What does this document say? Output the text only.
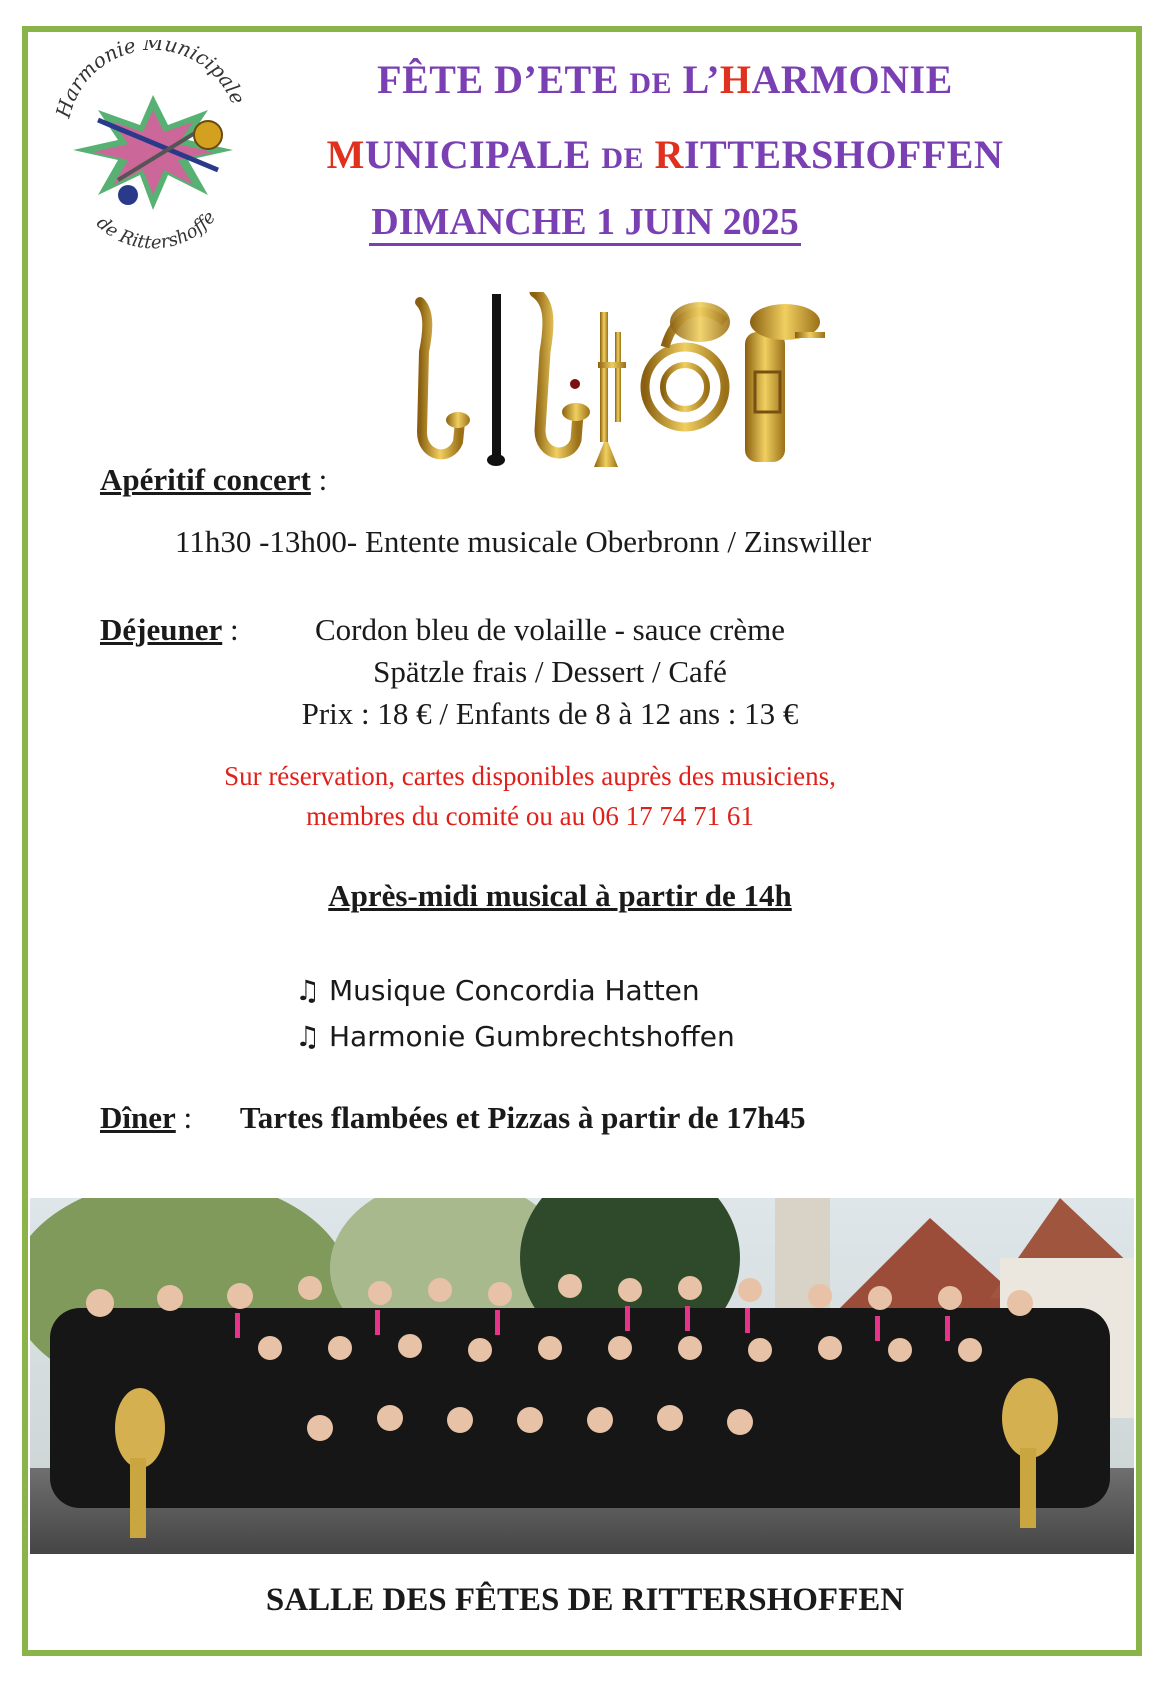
Harmonie Municipale
de Rittershoffen
FÊTE D’ETE DE L’HARMONIE
MUNICIPALE DE RITTERSHOFFEN
DIMANCHE 1 JUIN 2025
Apéritif concert :
11h30 -13h00- Entente musicale Oberbronn / Zinswiller
Déjeuner :	Cordon bleu de volaille - sauce crème
Spätzle frais / Dessert / Café
Prix : 18 € / Enfants de 8 à 12 ans : 13 €
Sur réservation, cartes disponibles auprès des musiciens,
membres du comité ou au 06 17 74 71 61
Après-midi musical à partir de 14h
♫ Musique Concordia Hatten
♫ Harmonie Gumbrechtshoffen
Dîner : Tartes flambées et Pizzas à partir de 17h45
SALLE DES FÊTES DE RITTERSHOFFEN
